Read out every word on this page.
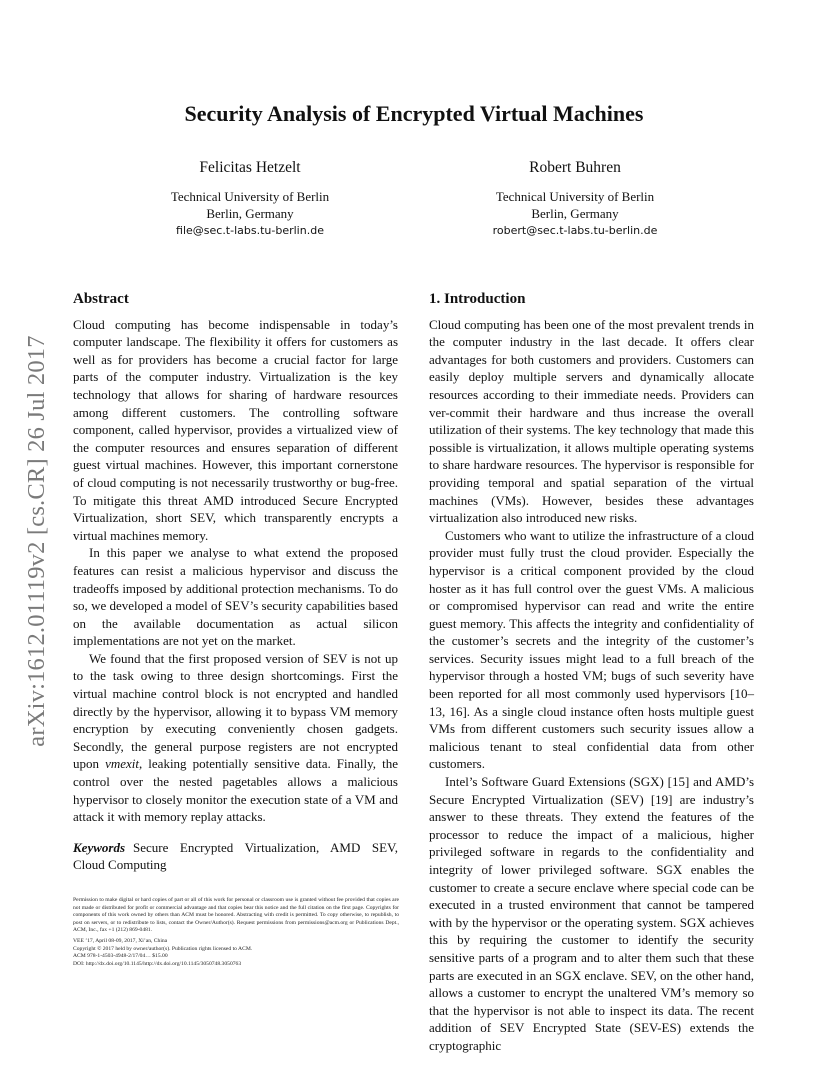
arXiv:1612.01119v2 [cs.CR] 26 Jul 2017
Security Analysis of Encrypted Virtual Machines
Felicitas Hetzelt
Technical University of Berlin
Berlin, Germany
file@sec.t-labs.tu-berlin.de
Robert Buhren
Technical University of Berlin
Berlin, Germany
robert@sec.t-labs.tu-berlin.de
Abstract

Cloud computing has become indispensable in today’s computer landscape. The flexibility it offers for customers as well as for providers has become a crucial factor for large parts of the computer industry. Virtualization is the key technology that allows for sharing of hardware resources among different customers. The controlling software component, called hypervisor, provides a virtualized view of the computer resources and ensures separation of different guest virtual machines. However, this important cornerstone of cloud computing is not necessarily trustworthy or bug-free. To mitigate this threat AMD introduced Secure Encrypted Virtualization, short SEV, which transparently encrypts a virtual machines memory.

In this paper we analyse to what extend the proposed features can resist a malicious hypervisor and discuss the tradeoffs imposed by additional protection mechanisms. To do so, we developed a model of SEV’s security capabilities based on the available documentation as actual silicon implementations are not yet on the market.

We found that the first proposed version of SEV is not up to the task owing to three design shortcomings. First the virtual machine control block is not encrypted and handled directly by the hypervisor, allowing it to bypass VM memory encryption by executing conveniently chosen gadgets. Secondly, the general purpose registers are not encrypted upon vmexit, leaking potentially sensitive data. Finally, the control over the nested pagetables allows a malicious hypervisor to closely monitor the execution state of a VM and attack it with memory replay attacks.

Keywords Secure Encrypted Virtualization, AMD SEV, Cloud Computing

Permission to make digital or hard copies of part or all of this work for personal or classroom use is granted without fee provided that copies are not made or distributed for profit or commercial advantage and that copies bear this notice and the full citation on the first page. Copyrights for components of this work owned by others than ACM must be honored. Abstracting with credit is permitted. To copy otherwise, to republish, to post on servers, or to redistribute to lists, contact the Owner/Author(s). Request permissions from permissions@acm.org or Publications Dept., ACM, Inc., fax +1 (212) 869-0481.

VEE ’17, April 08-09, 2017, Xi’an, China
Copyright © 2017 held by owner/author(s). Publication rights licensed to ACM.
ACM 978-1-4503-4948-2/17/04… $15.00
DOI: http://dx.doi.org/10.1145/http://dx.doi.org/10.1145/3050748.3050763
1. Introduction

Cloud computing has been one of the most prevalent trends in the computer industry in the last decade. It offers clear advantages for both customers and providers. Customers can easily deploy multiple servers and dynamically allocate resources according to their immediate needs. Providers can ver-commit their hardware and thus increase the overall utilization of their systems. The key technology that made this possible is virtualization, it allows multiple operating systems to share hardware resources. The hypervisor is responsible for providing temporal and spatial separation of the virtual machines (VMs). However, besides these advantages virtualization also introduced new risks.

Customers who want to utilize the infrastructure of a cloud provider must fully trust the cloud provider. Especially the hypervisor is a critical component provided by the cloud hoster as it has full control over the guest VMs. A malicious or compromised hypervisor can read and write the entire guest memory. This affects the integrity and confidentiality of the customer’s secrets and the integrity of the customer’s services. Security issues might lead to a full breach of the hypervisor through a hosted VM; bugs of such severity have been reported for all most commonly used hypervisors [10–13, 16]. As a single cloud instance often hosts multiple guest VMs from different customers such security issues allow a malicious tenant to steal confidential data from other customers.

Intel’s Software Guard Extensions (SGX) [15] and AMD’s Secure Encrypted Virtualization (SEV) [19] are industry’s answer to these threats. They extend the features of the processor to reduce the impact of a malicious, higher privileged software in regards to the confidentiality and integrity of lower privileged software. SGX enables the customer to create a secure enclave where special code can be executed in a trusted environment that cannot be tampered with by the hypervisor or the operating system. SGX achieves this by requiring the customer to identify the security sensitive parts of a program and to alter them such that these parts are executed in an SGX enclave. SEV, on the other hand, allows a customer to encrypt the unaltered VM’s memory so that the hypervisor is not able to inspect its data. The recent addition of SEV Encrypted State (SEV-ES) extends the cryptographic
